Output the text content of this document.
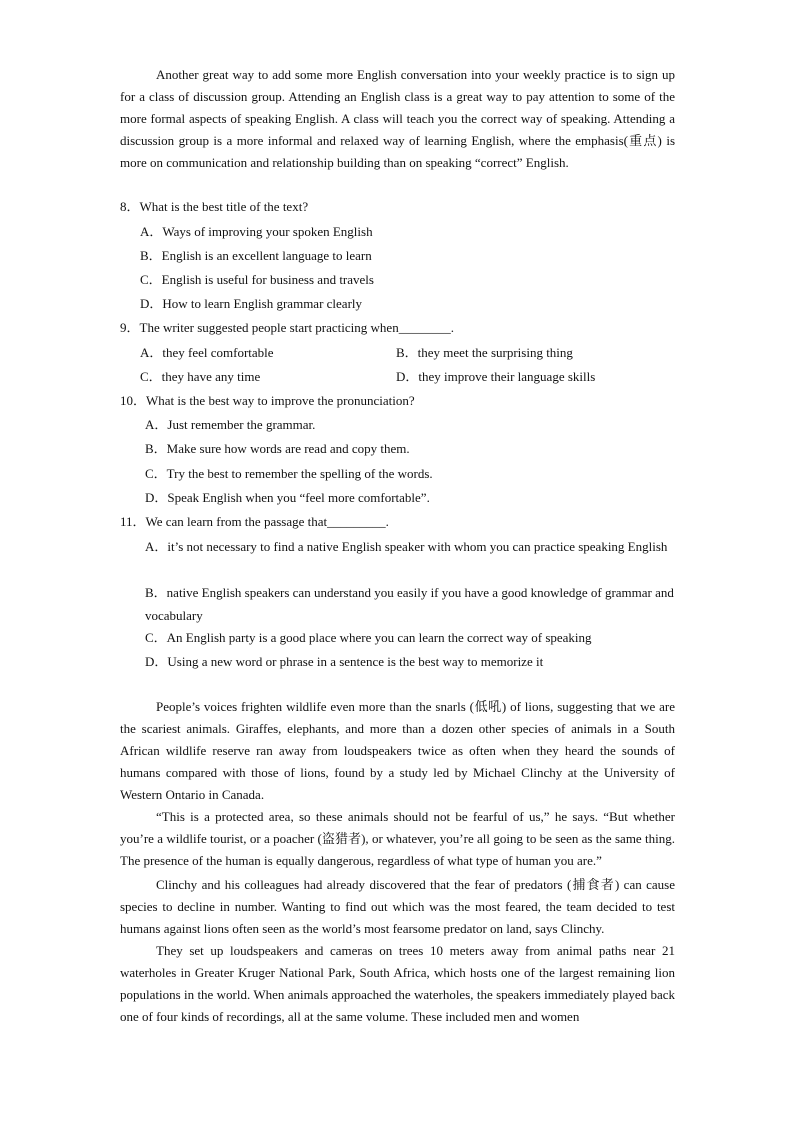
Another great way to add some more English conversation into your weekly practice is to sign up for a class of discussion group. Attending an English class is a great way to pay attention to some of the more formal aspects of speaking English. A class will teach you the correct way of speaking. Attending a discussion group is a more informal and relaxed way of learning English, where the emphasis(重点) is more on communication and relationship building than on speaking “correct” English.

8．What is the best title of the text?

A．Ways of improving your spoken English

B．English is an excellent language to learn

C．English is useful for business and travels

D．How to learn English grammar clearly

9．The writer suggested people start practicing when________.

A．they feel comfortable	B．they meet the surprising thing

C．they have any time	D．they improve their language skills

10．What is the best way to improve the pronunciation?

A．Just remember the grammar.

B．Make sure how words are read and copy them.

C．Try the best to remember the spelling of the words.

D．Speak English when you “feel more comfortable”.

11．We can learn from the passage that_________.

A．it’s not necessary to find a native English speaker with whom you can practice speaking English

B．native English speakers can understand you easily if you have a good knowledge of grammar and vocabulary

C．An English party is a good place where you can learn the correct way of speaking

D．Using a new word or phrase in a sentence is the best way to memorize it

People’s voices frighten wildlife even more than the snarls (低吼) of lions, suggesting that we are the scariest animals. Giraffes, elephants, and more than a dozen other species of animals in a South African wildlife reserve ran away from loudspeakers twice as often when they heard the sounds of humans compared with those of lions, found by a study led by Michael Clinchy at the University of Western Ontario in Canada.

“This is a protected area, so these animals should not be fearful of us,” he says. “But whether you’re a wildlife tourist, or a poacher (盗猎者), or whatever, you’re all going to be seen as the same thing. The presence of the human is equally dangerous, regardless of what type of human you are.”

Clinchy and his colleagues had already discovered that the fear of predators (捕食者) can cause species to decline in number. Wanting to find out which was the most feared, the team decided to test humans against lions often seen as the world’s most fearsome predator on land, says Clinchy.

They set up loudspeakers and cameras on trees 10 meters away from animal paths near 21 waterholes in Greater Kruger National Park, South Africa, which hosts one of the largest remaining lion populations in the world. When animals approached the waterholes, the speakers immediately played back one of four kinds of recordings, all at the same volume. These included men and women
